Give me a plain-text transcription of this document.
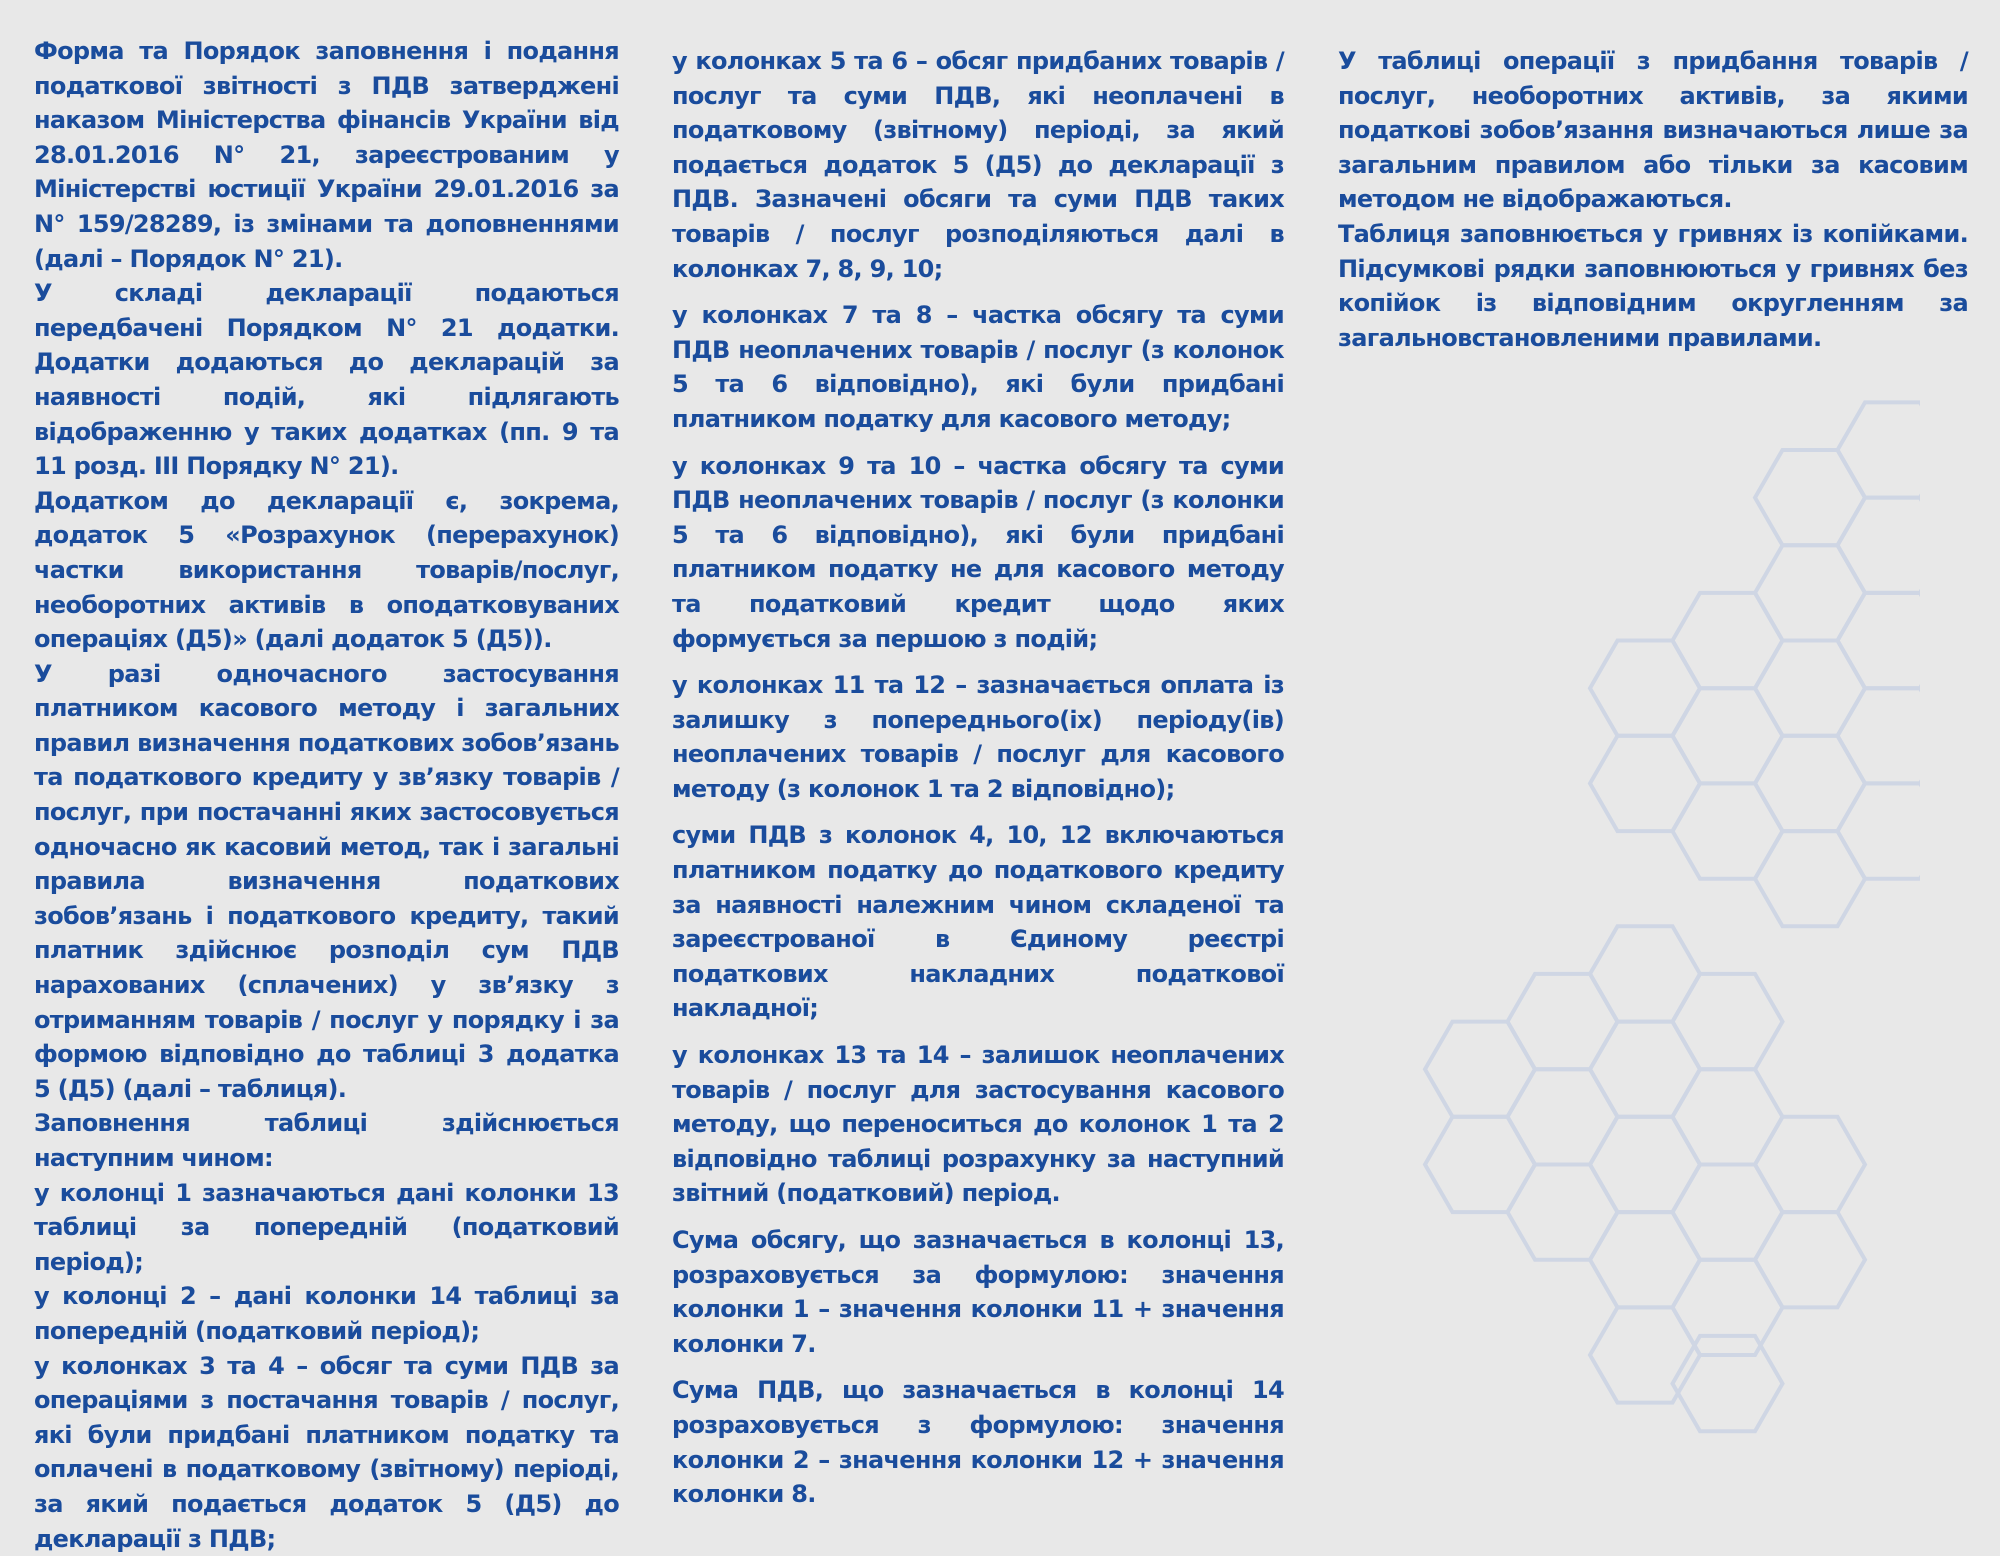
Форма та Порядок заповнення і подання податкової звітності з ПДВ затверджені наказом Міністерства фінансів України від 28.01.2016 N° 21, зареєстрованим у Міністерстві юстиції України 29.01.2016 за N° 159/28289, із змінами та доповненнями (далі – Порядок N° 21).

У складі декларації подаються передбачені Порядком N° 21 додатки. Додатки додаються до декларацій за наявності подій, які підлягають відображенню у таких додатках (пп. 9 та 11 розд. ІІІ Порядку N° 21).

Додатком до декларації є, зокрема, додаток 5 «Розрахунок (перерахунок) частки використання товарів/послуг, необоротних активів в оподатковуваних операціях (Д5)» (далі додаток 5 (Д5)).

У разі одночасного застосування платником касового методу і загальних правил визначення податкових зобов’язань та податкового кредиту у зв’язку товарів / послуг, при постачанні яких застосовується одночасно як касовий метод, так і загальні правила визначення податкових зобов’язань і податкового кредиту, такий платник здійснює розподіл сум ПДВ нарахованих (сплачених) у зв’язку з отриманням товарів / послуг у порядку і за формою відповідно до таблиці 3 додатка 5 (Д5) (далі – таблиця).

Заповнення таблиці здійснюється наступним чином:

у колонці 1 зазначаються дані колонки 13 таблиці за попередній (податковий період);

у колонці 2 – дані колонки 14 таблиці за попередній (податковий період);

у колонках 3 та 4 – обсяг та суми ПДВ за операціями з постачання товарів / послуг, які були придбані платником податку та оплачені в податковому (звітному) періоді, за який подається додаток 5 (Д5) до декларації з ПДВ;

у колонках 5 та 6 – обсяг придбаних товарів / послуг та суми ПДВ, які неоплачені в податковому (звітному) періоді, за який подається додаток 5 (Д5) до декларації з ПДВ. Зазначені обсяги та суми ПДВ таких товарів / послуг розподіляються далі в колонках 7, 8, 9, 10;

у колонках 7 та 8 – частка обсягу та суми ПДВ неоплачених товарів / послуг (з колонок 5 та 6 відповідно), які були придбані платником податку для касового методу;

у колонках 9 та 10 – частка обсягу та суми ПДВ неоплачених товарів / послуг (з колонки 5 та 6 відповідно), які були придбані платником податку не для касового методу та податковий кредит щодо яких формується за першою з подій;

у колонках 11 та 12 – зазначається оплата із залишку з попереднього(іх) періоду(ів) неоплачених товарів / послуг для касового методу (з колонок 1 та 2 відповідно);

суми ПДВ з колонок 4, 10, 12 включаються платником податку до податкового кредиту за наявності належним чином складеної та зареєстрованої в Єдиному реєстрі податкових накладних податкової накладної;

у колонках 13 та 14 – залишок неоплачених товарів / послуг для застосування касового методу, що переноситься до колонок 1 та 2 відповідно таблиці розрахунку за наступний звітний (податковий) період.

Сума обсягу, що зазначається в колонці 13, розраховується за формулою: значення колонки 1 – значення колонки 11 + значення колонки 7.

Сума ПДВ, що зазначається в колонці 14 розраховується з формулою: значення колонки 2 – значення колонки 12 + значення колонки 8.

У таблиці операції з придбання товарів / послуг, необоротних активів, за якими податкові зобов’язання визначаються лише за загальним правилом або тільки за касовим методом не відображаються.

Таблиця заповнюється у гривнях із копійками. Підсумкові рядки заповнюються у гривнях без копійок із відповідним округленням за загальновстановленими правилами.
